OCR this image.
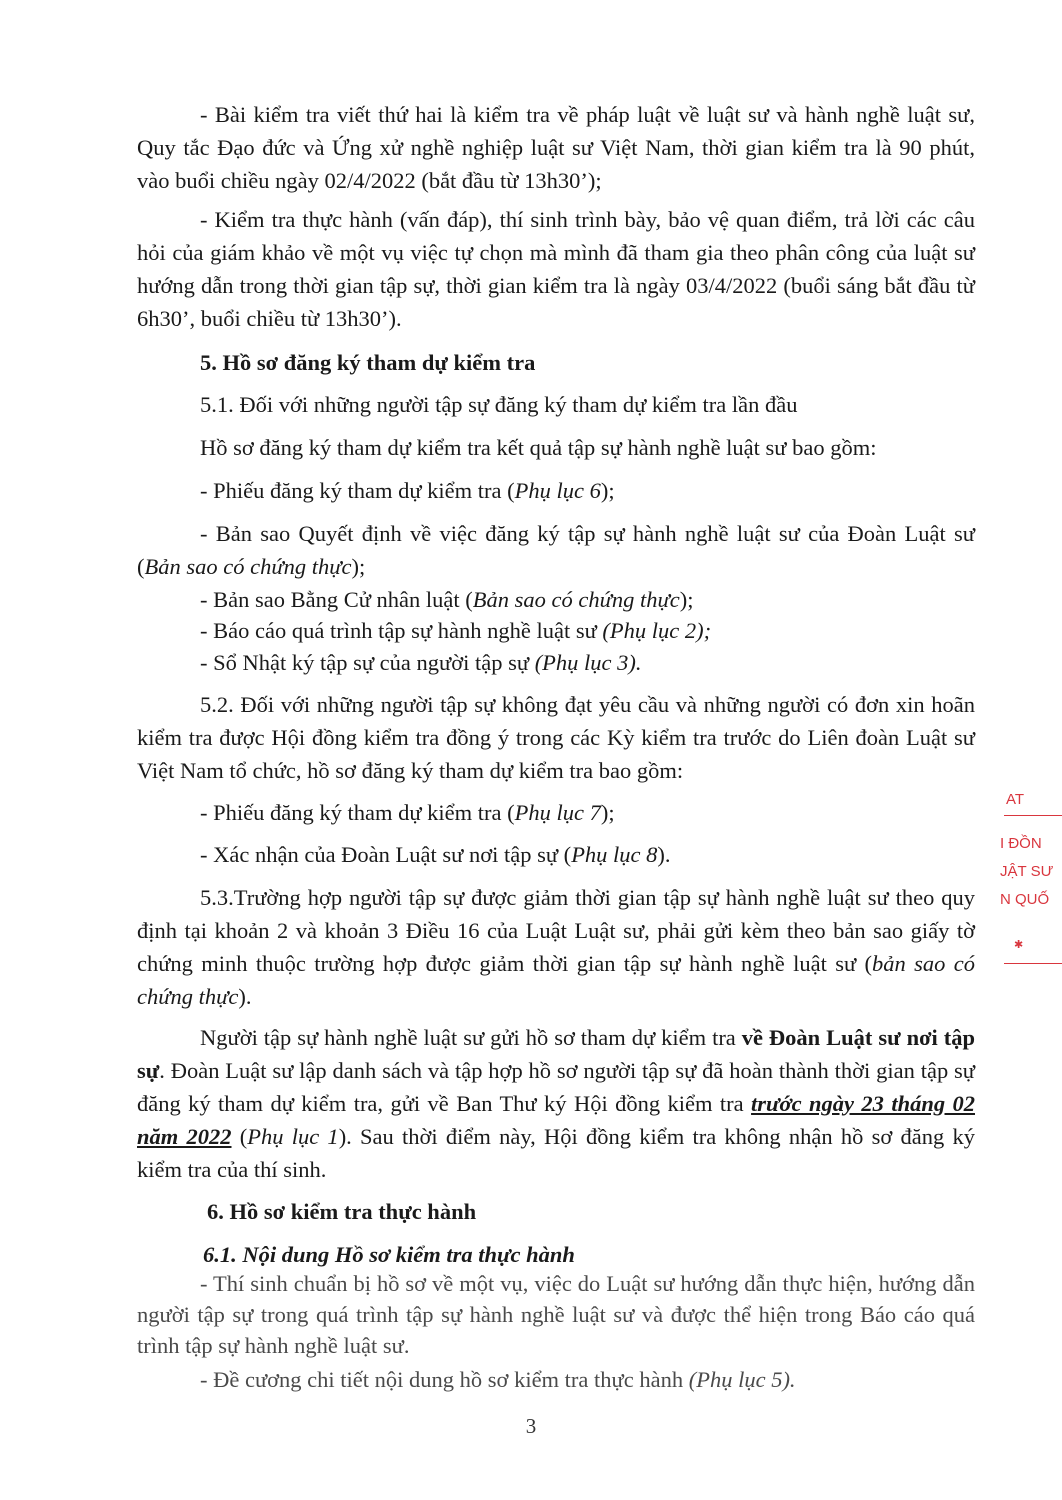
- Bài kiểm tra viết thứ hai là kiểm tra về pháp luật về luật sư và hành nghề luật sư, Quy tắc Đạo đức và Ứng xử nghề nghiệp luật sư Việt Nam, thời gian kiểm tra là 90 phút, vào buổi chiều ngày 02/4/2022 (bắt đầu từ 13h30’);

- Kiểm tra thực hành (vấn đáp), thí sinh trình bày, bảo vệ quan điểm, trả lời các câu hỏi của giám khảo về một vụ việc tự chọn mà mình đã tham gia theo phân công của luật sư hướng dẫn trong thời gian tập sự, thời gian kiểm tra là ngày 03/4/2022 (buổi sáng bắt đầu từ 6h30’, buổi chiều từ 13h30’).

5. Hồ sơ đăng ký tham dự kiểm tra

5.1. Đối với những người tập sự đăng ký tham dự kiểm tra lần đầu

Hồ sơ đăng ký tham dự kiểm tra kết quả tập sự hành nghề luật sư bao gồm:

- Phiếu đăng ký tham dự kiểm tra (Phụ lục 6);

- Bản sao Quyết định về việc đăng ký tập sự hành nghề luật sư của Đoàn Luật sư (Bản sao có chứng thực);

- Bản sao Bằng Cử nhân luật (Bản sao có chứng thực);

- Báo cáo quá trình tập sự hành nghề luật sư (Phụ lục 2);

- Sổ Nhật ký tập sự của người tập sự (Phụ lục 3).

5.2. Đối với những người tập sự không đạt yêu cầu và những người có đơn xin hoãn kiểm tra được Hội đồng kiểm tra đồng ý trong các Kỳ kiểm tra trước do Liên đoàn Luật sư Việt Nam tổ chức, hồ sơ đăng ký tham dự kiểm tra bao gồm:

- Phiếu đăng ký tham dự kiểm tra (Phụ lục 7);

- Xác nhận của Đoàn Luật sư nơi tập sự (Phụ lục 8).

5.3.Trường hợp người tập sự được giảm thời gian tập sự hành nghề luật sư theo quy định tại khoản 2 và khoản 3 Điều 16 của Luật Luật sư, phải gửi kèm theo bản sao giấy tờ chứng minh thuộc trường hợp được giảm thời gian tập sự hành nghề luật sư (bản sao có chứng thực).

Người tập sự hành nghề luật sư gửi hồ sơ tham dự kiểm tra về Đoàn Luật sư nơi tập sự. Đoàn Luật sư lập danh sách và tập hợp hồ sơ người tập sự đã hoàn thành thời gian tập sự đăng ký tham dự kiểm tra, gửi về Ban Thư ký Hội đồng kiểm tra trước ngày 23 tháng 02 năm 2022 (Phụ lục 1). Sau thời điểm này, Hội đồng kiểm tra không nhận hồ sơ đăng ký kiểm tra của thí sinh.

6. Hồ sơ kiểm tra thực hành

6.1. Nội dung Hồ sơ kiểm tra thực hành

- Thí sinh chuẩn bị hồ sơ về một vụ, việc do Luật sư hướng dẫn thực hiện, hướng dẫn người tập sự trong quá trình tập sự hành nghề luật sư và được thể hiện trong Báo cáo quá trình tập sự hành nghề luật sư.

- Đề cương chi tiết nội dung hồ sơ kiểm tra thực hành (Phụ lục 5).

3
AT
I ĐỒN
JẬT SƯ
N QUỐ
✱
